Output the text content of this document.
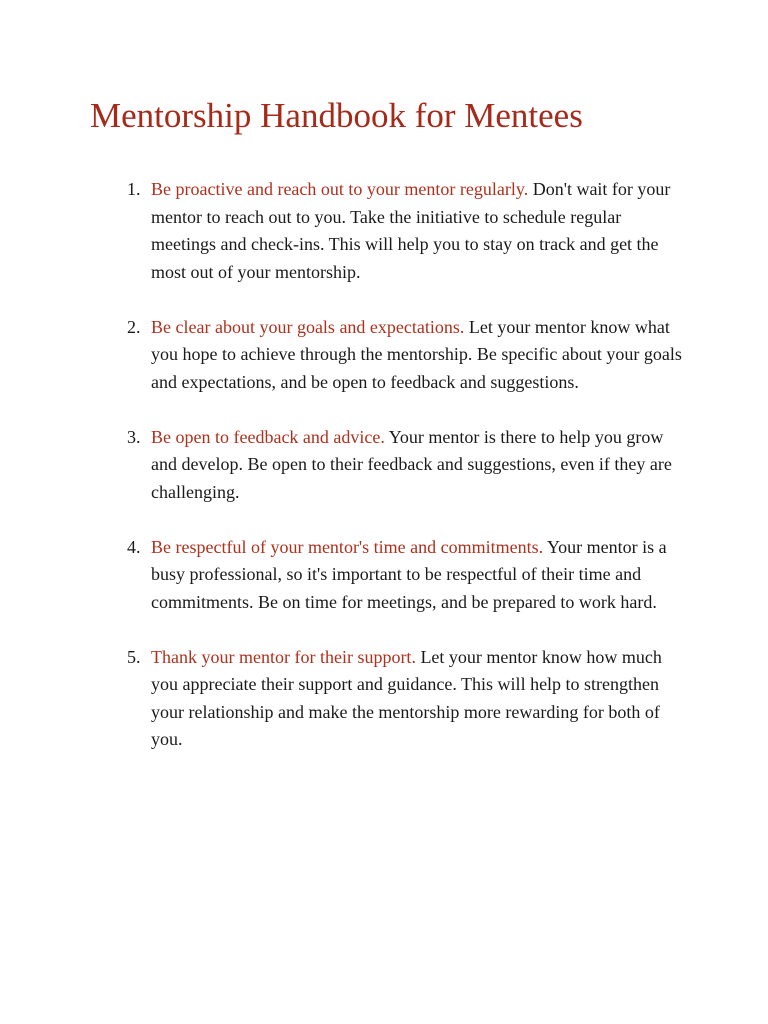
Mentorship Handbook for Mentees
1. Be proactive and reach out to your mentor regularly. Don't wait for your mentor to reach out to you. Take the initiative to schedule regular meetings and check-ins. This will help you to stay on track and get the most out of your mentorship.
2. Be clear about your goals and expectations. Let your mentor know what you hope to achieve through the mentorship. Be specific about your goals and expectations, and be open to feedback and suggestions.
3. Be open to feedback and advice. Your mentor is there to help you grow and develop. Be open to their feedback and suggestions, even if they are challenging.
4. Be respectful of your mentor's time and commitments. Your mentor is a busy professional, so it's important to be respectful of their time and commitments. Be on time for meetings, and be prepared to work hard.
5. Thank your mentor for their support. Let your mentor know how much you appreciate their support and guidance. This will help to strengthen your relationship and make the mentorship more rewarding for both of you.
